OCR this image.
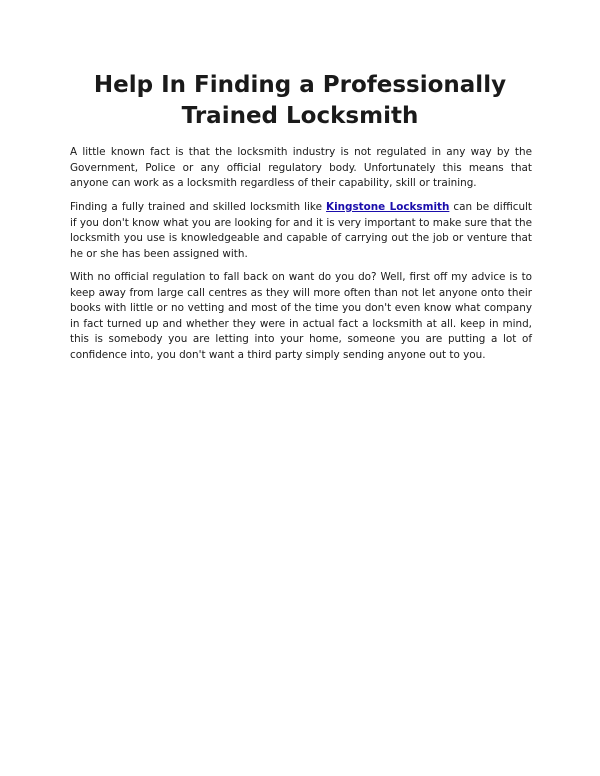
Help In Finding a Professionally Trained Locksmith

A little known fact is that the locksmith industry is not regulated in any way by the Government, Police or any official regulatory body. Unfortunately this means that anyone can work as a locksmith regardless of their capability, skill or training.

Finding a fully trained and skilled locksmith like Kingstone Locksmith can be difficult if you don't know what you are looking for and it is very important to make sure that the locksmith you use is knowledgeable and capable of carrying out the job or venture that he or she has been assigned with.

With no official regulation to fall back on want do you do? Well, first off my advice is to keep away from large call centres as they will more often than not let anyone onto their books with little or no vetting and most of the time you don't even know what company in fact turned up and whether they were in actual fact a locksmith at all. keep in mind, this is somebody you are letting into your home, someone you are putting a lot of confidence into, you don't want a third party simply sending anyone out to you.
